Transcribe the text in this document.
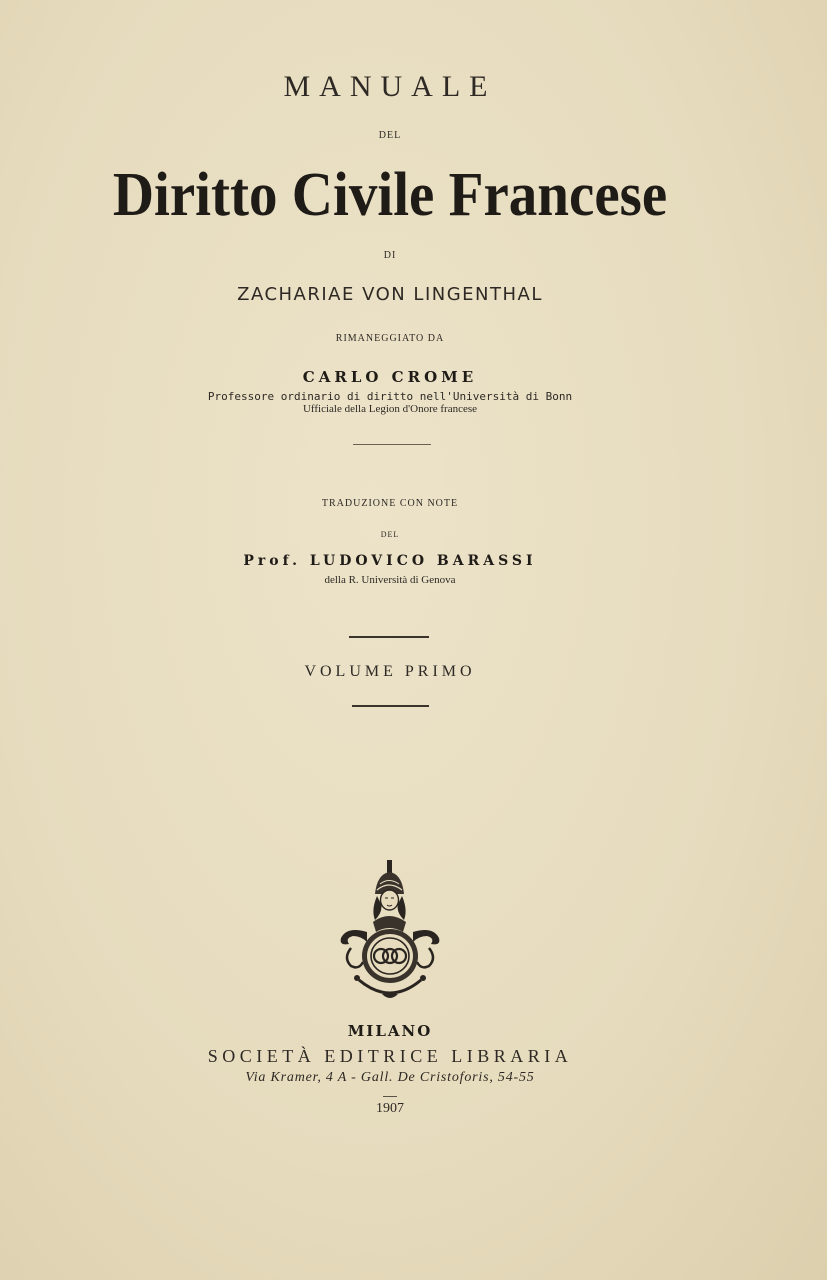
MANUALE
DEL
Diritto Civile Francese
DI
ZACHARIAE VON LINGENTHAL
RIMANEGGIATO DA
CARLO CROME
Professore ordinario di diritto nell'Università di Bonn
Ufficiale della Legion d'Onore francese
TRADUZIONE CON NOTE
DEL
Prof. LUDOVICO BARASSI
della R. Università di Genova
VOLUME PRIMO
MILANO
SOCIETÀ EDITRICE LIBRARIA
Via Kramer, 4 A - Gall. De Cristoforis, 54-55
1907
